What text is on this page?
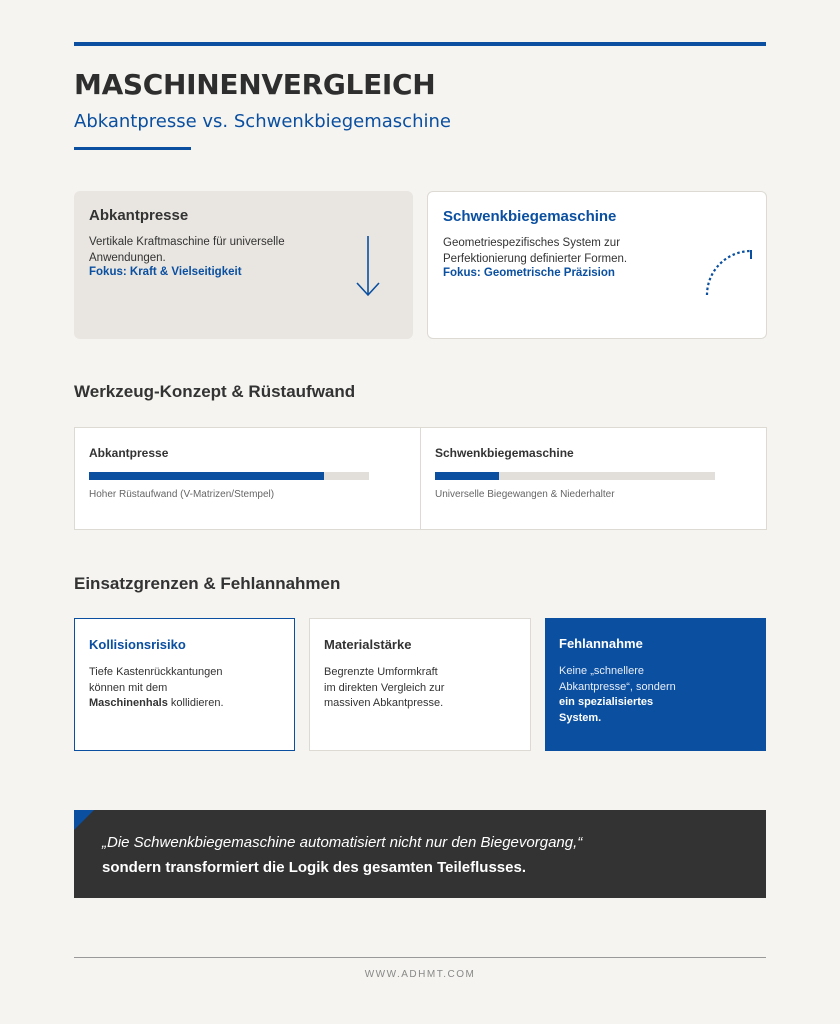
MASCHINENVERGLEICH
Abkantpresse vs. Schwenkbiegemaschine
Abkantpresse

Vertikale Kraftmaschine für universelle Anwendungen.

Fokus: Kraft & Vielseitigkeit
Schwenkbiegemaschine

Geometriespezifisches System zur Perfektionierung definierter Formen.

Fokus: Geometrische Präzision
Werkzeug-Konzept & Rüstaufwand
Abkantpresse
Hoher Rüstaufwand (V-Matrizen/Stempel)
Schwenkbiegemaschine
Universelle Biegewangen & Niederhalter
Einsatzgrenzen & Fehlannahmen
Kollisionsrisiko

Tiefe Kastenrückkantungen können mit dem Maschinenhals kollidieren.

Materialstärke

Begrenzte Umformkraft im direkten Vergleich zur massiven Abkantpresse.

Fehlannahme

Keine „schnellere Abkantpresse“, sondern ein spezialisiertes System.

„Die Schwenkbiegemaschine automatisiert nicht nur den Biegevorgang,“
sondern transformiert die Logik des gesamten Teileflusses.
WWW.ADHMT.COM
